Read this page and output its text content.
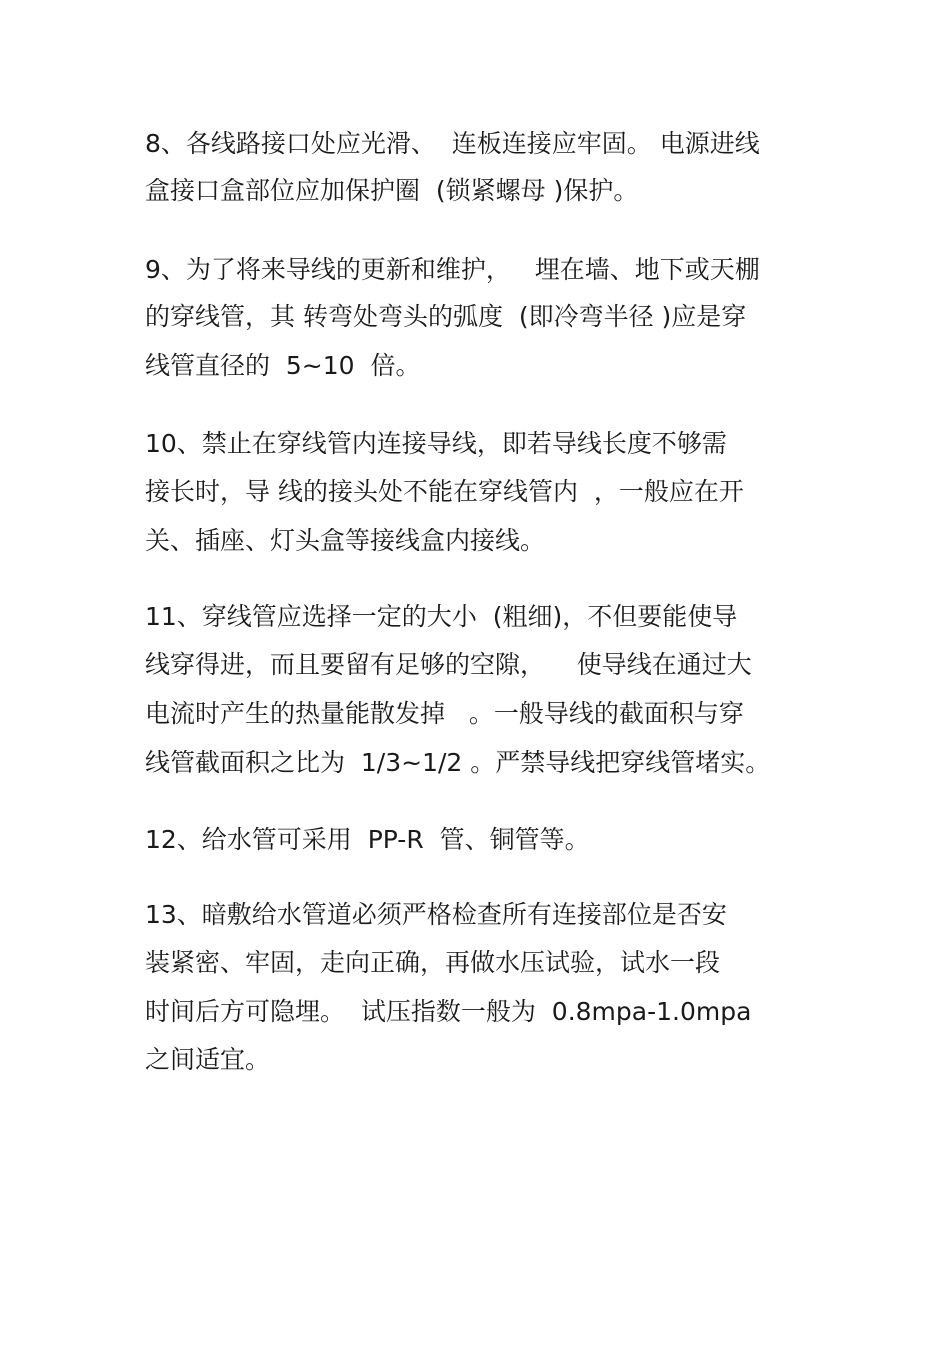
8、各线路接口处应光滑、  连板连接应牢固。 电源进线
盒接口盒部位应加保护圈  (锁紧螺母 )保护。
9、为了将来导线的更新和维护，   埋在墙、地下或天棚
的穿线管，其 转弯处弯头的弧度  (即冷弯半径 )应是穿
线管直径的  5~10  倍。
10、禁止在穿线管内连接导线，即若导线长度不够需
接长时，导 线的接头处不能在穿线管内  ，一般应在开
关、插座、灯头盒等接线盒内接线。
11、穿线管应选择一定的大小  (粗细)，不但要能使导
线穿得进，而且要留有足够的空隙，    使导线在通过大
电流时产生的热量能散发掉   。一般导线的截面积与穿
线管截面积之比为  1/3~1/2 。严禁导线把穿线管堵实。
12、给水管可采用  PP-R  管、铜管等。
13、暗敷给水管道必须严格检查所有连接部位是否安
装紧密、牢固，走向正确，再做水压试验，试水一段
时间后方可隐埋。  试压指数一般为  0.8mpa-1.0mpa
之间适宜。
